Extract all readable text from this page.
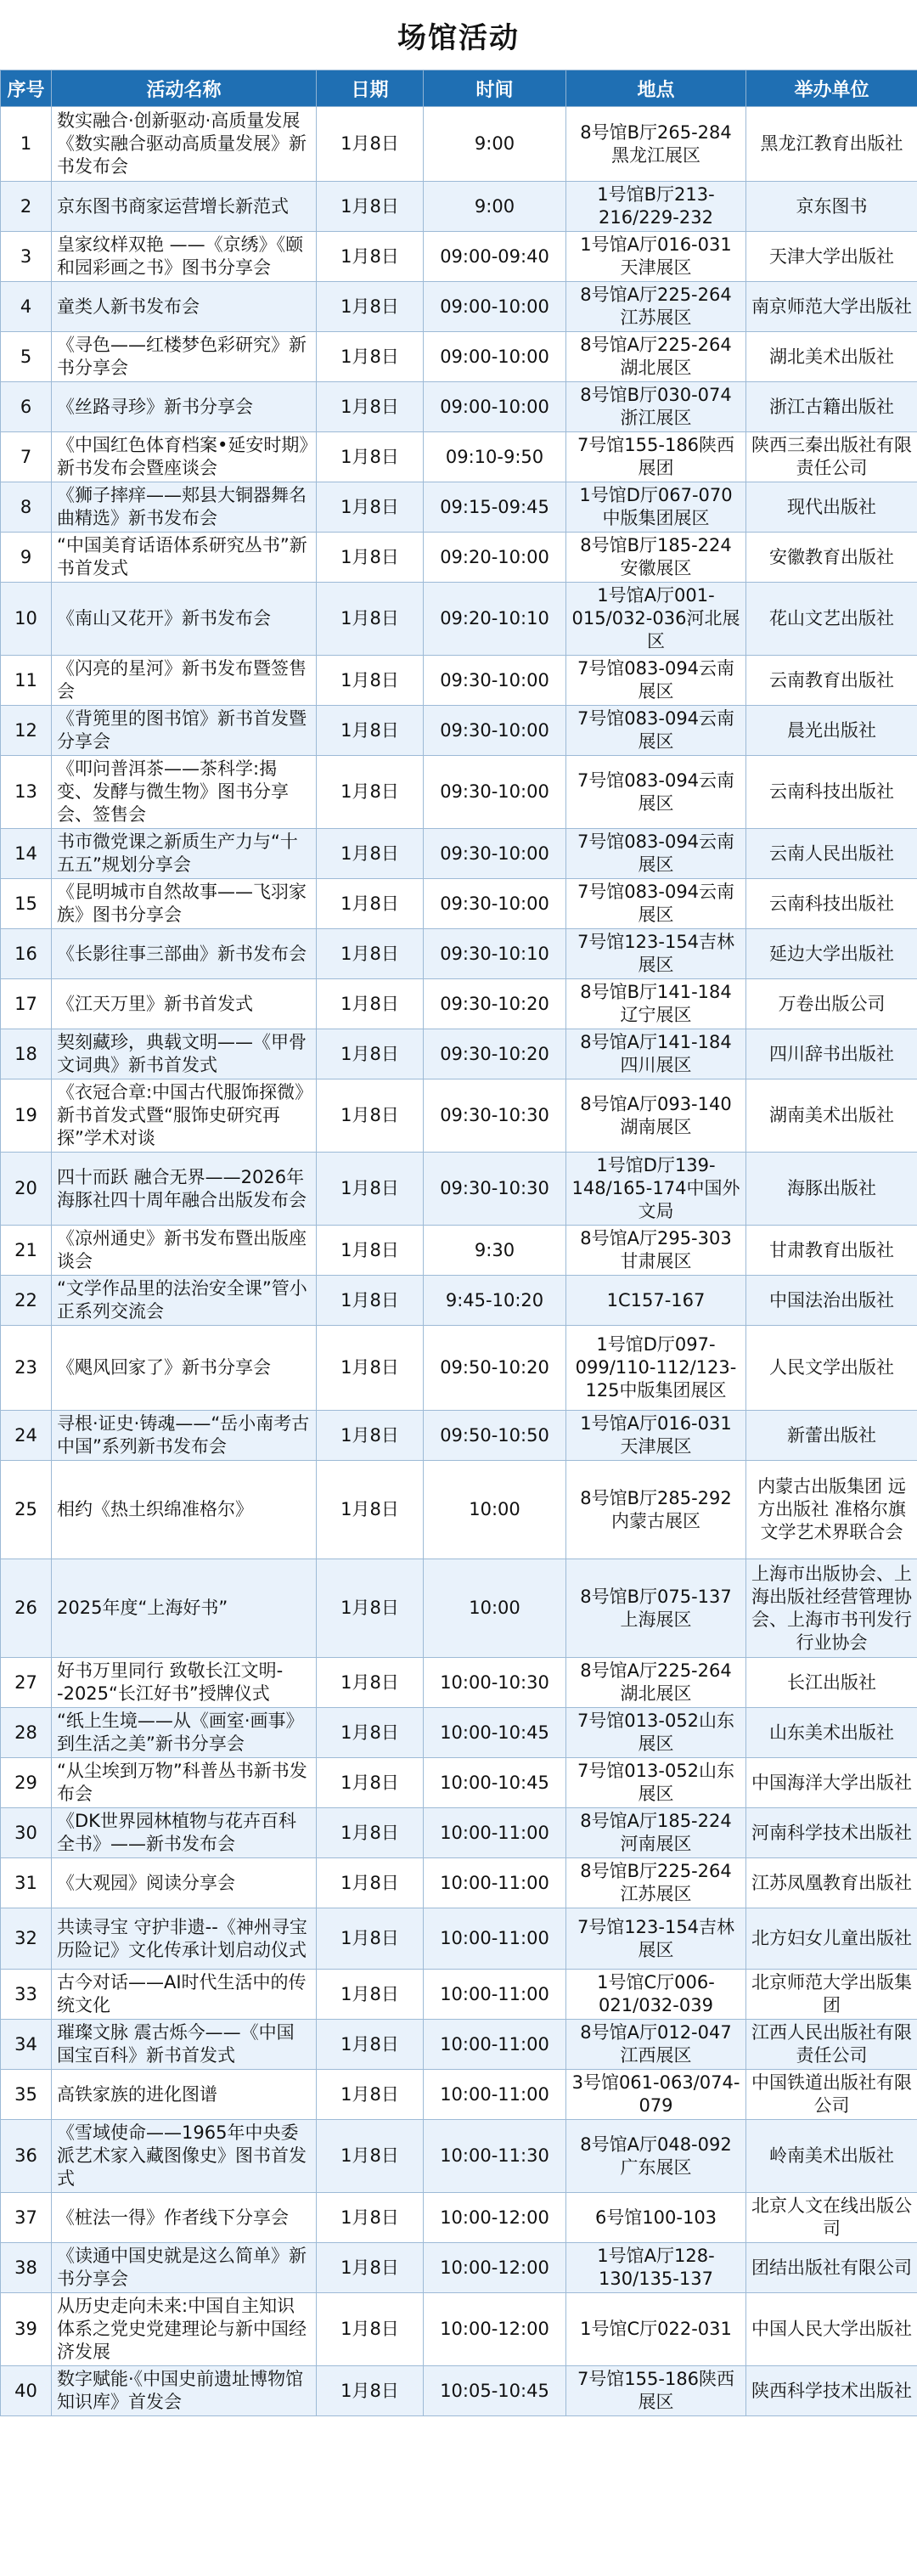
场馆活动
序号	活动名称	日期	时间	地点	举办单位
1	数实融合·创新驱动·高质量发展《数实融合驱动高质量发展》新书发布会	1月8日	9:00	8号馆B厅265-284黑龙江展区	黑龙江教育出版社
2	京东图书商家运营增长新范式	1月8日	9:00	1号馆B厅213-216/229-232	京东图书
3	皇家纹样双艳 ——《京绣》《颐和园彩画之书》图书分享会	1月8日	09:00-09:40	1号馆A厅016-031天津展区	天津大学出版社
4	童类人新书发布会	1月8日	09:00-10:00	8号馆A厅225-264江苏展区	南京师范大学出版社
5	《寻色——红楼梦色彩研究》新书分享会	1月8日	09:00-10:00	8号馆A厅225-264湖北展区	湖北美术出版社
6	《丝路寻珍》新书分享会	1月8日	09:00-10:00	8号馆B厅030-074浙江展区	浙江古籍出版社
7	《中国红色体育档案•延安时期》新书发布会暨座谈会	1月8日	09:10-9:50	7号馆155-186陕西展团	陕西三秦出版社有限责任公司
8	《狮子摔痒——郏县大铜器舞名曲精选》新书发布会	1月8日	09:15-09:45	1号馆D厅067-070中版集团展区	现代出版社
9	“中国美育话语体系研究丛书”新书首发式	1月8日	09:20-10:00	8号馆B厅185-224安徽展区	安徽教育出版社
10	《南山又花开》新书发布会	1月8日	09:20-10:10	1号馆A厅001-015/032-036河北展区	花山文艺出版社
11	《闪亮的星河》新书发布暨签售会	1月8日	09:30-10:00	7号馆083-094云南展区	云南教育出版社
12	《背篼里的图书馆》新书首发暨分享会	1月8日	09:30-10:00	7号馆083-094云南展区	晨光出版社
13	《叩问普洱茶——茶科学:揭变、发酵与微生物》图书分享会、签售会	1月8日	09:30-10:00	7号馆083-094云南展区	云南科技出版社
14	书市微党课之新质生产力与“十五五”规划分享会	1月8日	09:30-10:00	7号馆083-094云南展区	云南人民出版社
15	《昆明城市自然故事——飞羽家族》图书分享会	1月8日	09:30-10:00	7号馆083-094云南展区	云南科技出版社
16	《长影往事三部曲》新书发布会	1月8日	09:30-10:10	7号馆123-154吉林展区	延边大学出版社
17	《江天万里》新书首发式	1月8日	09:30-10:20	8号馆B厅141-184辽宁展区	万卷出版公司
18	契刻藏珍，典载文明——《甲骨文词典》新书首发式	1月8日	09:30-10:20	8号馆A厅141-184四川展区	四川辞书出版社
19	《衣冠合章:中国古代服饰探微》新书首发式暨“服饰史研究再探”学术对谈	1月8日	09:30-10:30	8号馆A厅093-140湖南展区	湖南美术出版社
20	四十而跃 融合无界——2026年海豚社四十周年融合出版发布会	1月8日	09:30-10:30	1号馆D厅139-148/165-174中国外文局	海豚出版社
21	《凉州通史》新书发布暨出版座谈会	1月8日	9:30	8号馆A厅295-303甘肃展区	甘肃教育出版社
22	“文学作品里的法治安全课”管小正系列交流会	1月8日	9:45-10:20	1C157-167	中国法治出版社
23	《飓风回家了》新书分享会	1月8日	09:50-10:20	1号馆D厅097-099/110-112/123-125中版集团展区	人民文学出版社
24	寻根·证史·铸魂——“岳小南考古中国”系列新书发布会	1月8日	09:50-10:50	1号馆A厅016-031天津展区	新蕾出版社
25	相约《热土织绵准格尔》	1月8日	10:00	8号馆B厅285-292内蒙古展区	内蒙古出版集团 远方出版社 准格尔旗文学艺术界联合会
26	2025年度“上海好书”	1月8日	10:00	8号馆B厅075-137上海展区	上海市出版协会、上海出版社经营管理协会、上海市书刊发行行业协会
27	好书万里同行 致敬长江文明--2025“长江好书”授牌仪式	1月8日	10:00-10:30	8号馆A厅225-264湖北展区	长江出版社
28	“纸上生境——从《画室·画事》到生活之美”新书分享会	1月8日	10:00-10:45	7号馆013-052山东展区	山东美术出版社
29	“从尘埃到万物”科普丛书新书发布会	1月8日	10:00-10:45	7号馆013-052山东展区	中国海洋大学出版社
30	《DK世界园林植物与花卉百科全书》——新书发布会	1月8日	10:00-11:00	8号馆A厅185-224河南展区	河南科学技术出版社
31	《大观园》阅读分享会	1月8日	10:00-11:00	8号馆B厅225-264江苏展区	江苏凤凰教育出版社
32	共读寻宝 守护非遗--《神州寻宝历险记》文化传承计划启动仪式	1月8日	10:00-11:00	7号馆123-154吉林展区	北方妇女儿童出版社
33	古今对话——AI时代生活中的传统文化	1月8日	10:00-11:00	1号馆C厅006-021/032-039	北京师范大学出版集团
34	璀璨文脉 震古烁今——《中国国宝百科》新书首发式	1月8日	10:00-11:00	8号馆A厅012-047江西展区	江西人民出版社有限责任公司
35	高铁家族的进化图谱	1月8日	10:00-11:00	3号馆061-063/074-079	中国铁道出版社有限公司
36	《雪域使命——1965年中央委派艺术家入藏图像史》图书首发式	1月8日	10:00-11:30	8号馆A厅048-092广东展区	岭南美术出版社
37	《桩法一得》作者线下分享会	1月8日	10:00-12:00	6号馆100-103	北京人文在线出版公司
38	《读通中国史就是这么简单》新书分享会	1月8日	10:00-12:00	1号馆A厅128-130/135-137	团结出版社有限公司
39	从历史走向未来:中国自主知识体系之党史党建理论与新中国经济发展	1月8日	10:00-12:00	1号馆C厅022-031	中国人民大学出版社
40	数字赋能·《中国史前遗址博物馆知识库》首发会	1月8日	10:05-10:45	7号馆155-186陕西展区	陕西科学技术出版社
